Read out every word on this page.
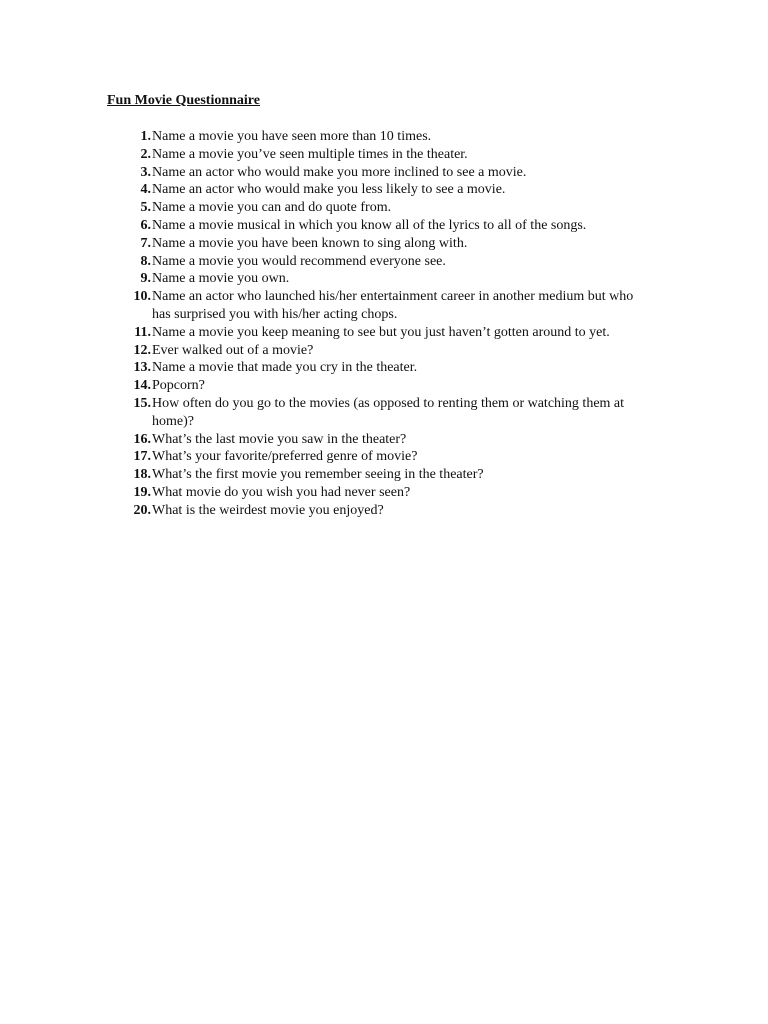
Fun Movie Questionnaire
1. Name a movie you have seen more than 10 times.
2. Name a movie you’ve seen multiple times in the theater.
3. Name an actor who would make you more inclined to see a movie.
4. Name an actor who would make you less likely to see a movie.
5. Name a movie you can and do quote from.
6. Name a movie musical in which you know all of the lyrics to all of the songs.
7. Name a movie you have been known to sing along with.
8. Name a movie you would recommend everyone see.
9. Name a movie you own.
10. Name an actor who launched his/her entertainment career in another medium but who has surprised you with his/her acting chops.
11. Name a movie you keep meaning to see but you just haven’t gotten around to yet.
12. Ever walked out of a movie?
13. Name a movie that made you cry in the theater.
14. Popcorn?
15. How often do you go to the movies (as opposed to renting them or watching them at home)?
16. What’s the last movie you saw in the theater?
17. What’s your favorite/preferred genre of movie?
18. What’s the first movie you remember seeing in the theater?
19. What movie do you wish you had never seen?
20. What is the weirdest movie you enjoyed?
